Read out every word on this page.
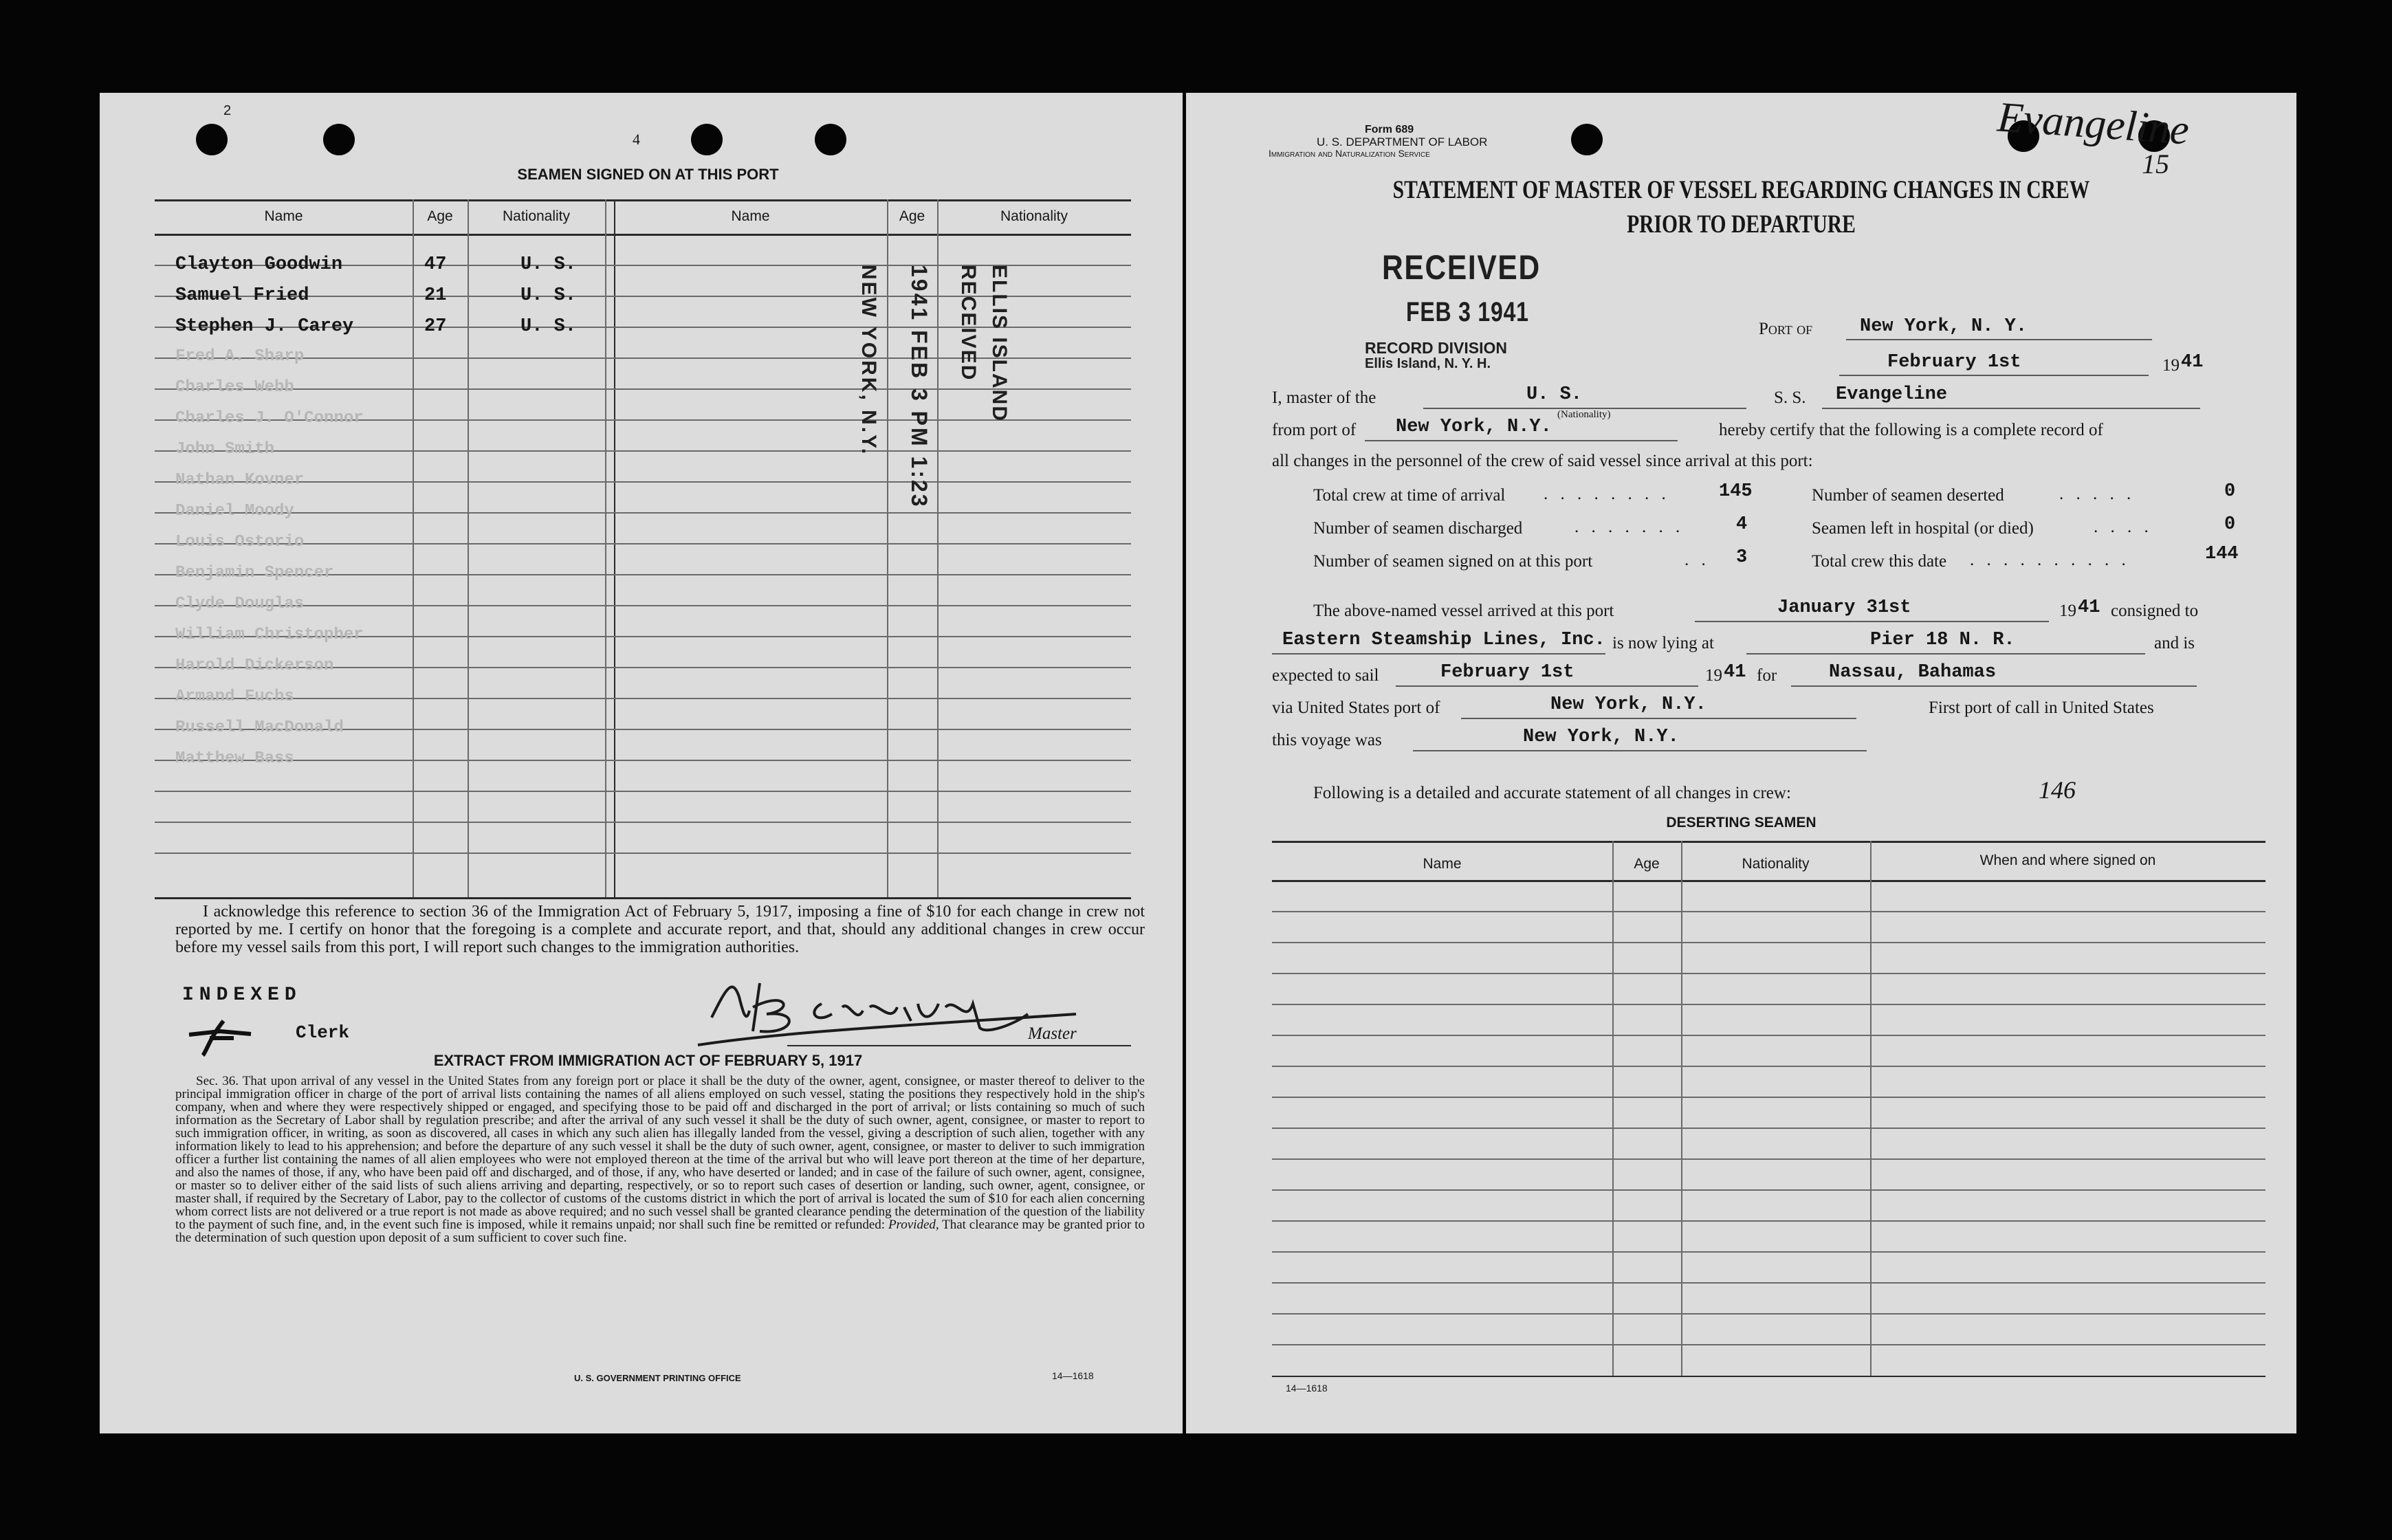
2
4
SEAMEN SIGNED ON AT THIS PORT
Name	Age	Nationality	Name	Age	Nationality
Clayton Goodwin	47	U. S.
Samuel Fried	21	U. S.
Stephen J. Carey	27	U. S.
Fred A. Sharp
Charles Webb
Charles J. O'Connor
John Smith
Nathan Kovner
Daniel Moody
Louis Ostorio
Benjamin Spencer
Clyde Douglas
William Christopher
Harold Dickerson
Armand Fuchs
Russell MacDonald
Matthew Bass
RECEIVED ELLIS ISLAND
1941 FEB 3 PM 1:23
NEW YORK, N.Y.
I acknowledge this reference to section 36 of the Immigration Act of February 5, 1917, imposing a fine of $10 for each change in crew not reported by me. I certify on honor that the foregoing is a complete and accurate report, and that, should any additional changes in crew occur before my vessel sails from this port, I will report such changes to the immigration authorities.
INDEXED
Clerk	Master
EXTRACT FROM IMMIGRATION ACT OF FEBRUARY 5, 1917

Sec. 36. That upon arrival of any vessel in the United States from any foreign port or place it shall be the duty of the owner, agent, consignee, or master thereof to deliver to the principal immigration officer in charge of the port of arrival lists containing the names of all aliens employed on such vessel, stating the positions they respectively hold in the ship's company, when and where they were respectively shipped or engaged, and specifying those to be paid off and discharged in the port of arrival; or lists containing so much of such information as the Secretary of Labor shall by regulation prescribe; and after the arrival of any such vessel it shall be the duty of such owner, agent, consignee, or master to report to such immigration officer, in writing, as soon as discovered, all cases in which any such alien has illegally landed from the vessel, giving a description of such alien, together with any information likely to lead to his apprehension; and before the departure of any such vessel it shall be the duty of such owner, agent, consignee, or master to deliver to such immigration officer a further list containing the names of all alien employees who were not employed thereon at the time of the arrival but who will leave port thereon at the time of her departure, and also the names of those, if any, who have been paid off and discharged, and of those, if any, who have deserted or landed; and in case of the failure of such owner, agent, consignee, or master so to deliver either of the said lists of such aliens arriving and departing, respectively, or so to report such cases of desertion or landing, such owner, agent, consignee, or master shall, if required by the Secretary of Labor, pay to the collector of customs of the customs district in which the port of arrival is located the sum of $10 for each alien concerning whom correct lists are not delivered or a true report is not made as above required; and no such vessel shall be granted clearance pending the determination of the question of the liability to the payment of such fine, and, in the event such fine is imposed, while it remains unpaid; nor shall such fine be remitted or refunded: Provided, That clearance may be granted prior to the determination of such question upon deposit of a sum sufficient to cover such fine.

U. S. GOVERNMENT PRINTING OFFICE	14—1618
Form 689
U. S. DEPARTMENT OF LABOR
Immigration and Naturalization Service	Evangeline
15
STATEMENT OF MASTER OF VESSEL REGARDING CHANGES IN CREW
PRIOR TO DEPARTURE
RECEIVED
FEB 3 1941
RECORD DIVISION
Ellis Island, N. Y. H.
Port of	New York, N. Y.
February 1st	19 41
I, master of the	U. S.
(Nationality)
S. S. Evangeline
from port of New York, N.Y.	hereby certify that the following is a complete record of
all changes in the personnel of the crew of said vessel since arrival at this port:
Total crew at time of arrival . . . . . . . .	145	Number of seamen deserted	. . . . .	0
Number of seamen discharged	. . . . . . .	4	Seamen left in hospital (or died)	. . . .	0
Number of seamen signed on at this port	. . 3	Total crew this date . . . . . . . . . .	144
The above-named vessel arrived at this port	January 31st	19 41 consigned to
Eastern Steamship Lines, Inc. is now lying at	Pier 18 N. R.	and is
expected to sail	February 1st	19 41 for	Nassau, Bahamas
via United States port of	New York, N.Y.	First port of call in United States
this voyage was	New York, N.Y.
Following is a detailed and accurate statement of all changes in crew:	146
DESERTING SEAMEN
Name	Age	Nationality	When and where signed on
14—1618
